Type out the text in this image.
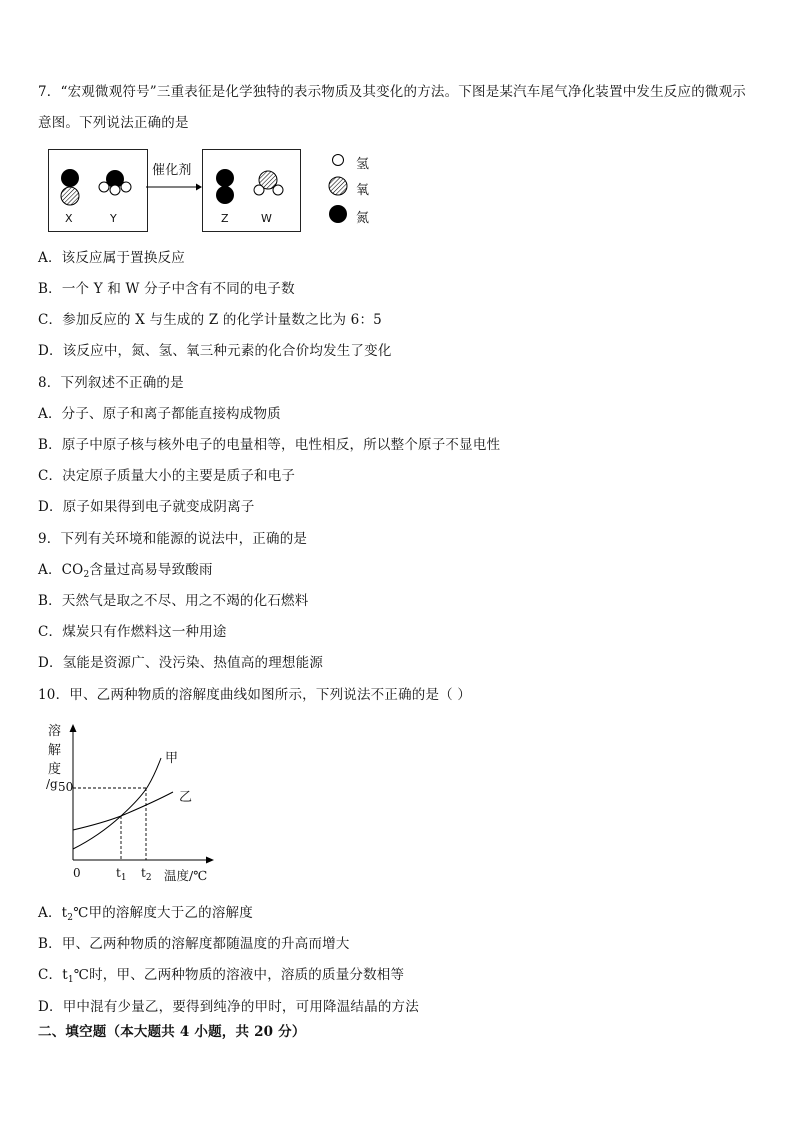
7．“宏观微观符号”三重表征是化学独特的表示物质及其变化的方法。下图是某汽车尾气净化装置中发生反应的微观示
意图。下列说法正确的是
X	Y
催化剂
Z	W
氢
氧
氮
A．该反应属于置换反应
B．一个 Y 和 W 分子中含有不同的电子数
C．参加反应的 X 与生成的 Z 的化学计量数之比为 6：5
D．该反应中，氮、氢、氧三种元素的化合价均发生了变化
8．下列叙述不正确的是
A．分子、原子和离子都能直接构成物质
B．原子中原子核与核外电子的电量相等，电性相反，所以整个原子不显电性
C．决定原子质量大小的主要是质子和电子
D．原子如果得到电子就变成阴离子
9．下列有关环境和能源的说法中，正确的是
A．$CO_2$含量过高易导致酸雨
B．天然气是取之不尽、用之不竭的化石燃料
C．煤炭只有作燃料这一种用途
D．氢能是资源广、没污染、热值高的理想能源
10．甲、乙两种物质的溶解度曲线如图所示，下列说法不正确的是（ ）
溶
解
度
/g 50
0	$t_1$ $t_2$ 温度/℃
甲
乙
A．$t_2℃$甲的溶解度大于乙的溶解度
B．甲、乙两种物质的溶解度都随温度的升高而增大
C．$t_1℃$时，甲、乙两种物质的溶液中，溶质的质量分数相等
D．甲中混有少量乙，要得到纯净的甲时，可用降温结晶的方法
二、填空题（本大题共 4 小题，共 20 分）
